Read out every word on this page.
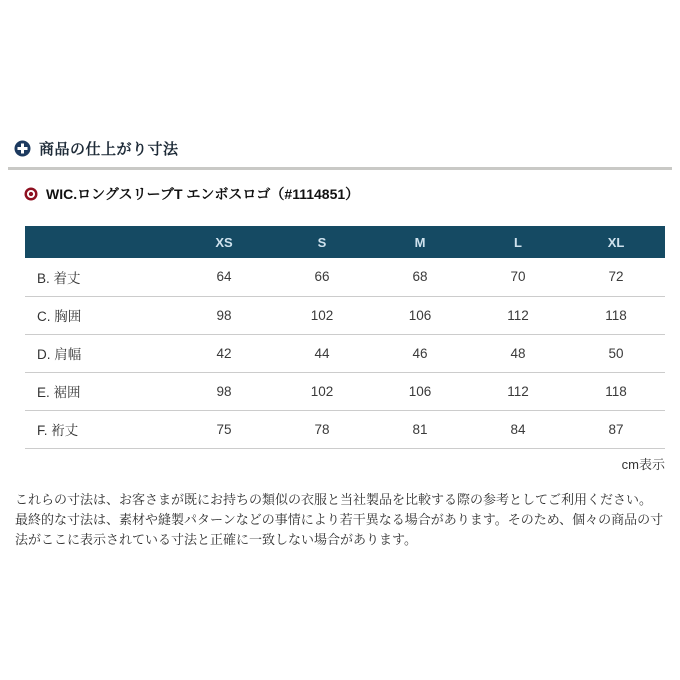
商品の仕上がり寸法
WIC.ロングスリーブT エンボスロゴ（#1114851）
	XS	S	M	L	XL
B. 着丈	64	66	68	70	72
C. 胸囲	98	102	106	112	118
D. 肩幅	42	44	46	48	50
E. 裾囲	98	102	106	112	118
F. 裄丈	75	78	81	84	87
cm表示

これらの寸法は、お客さまが既にお持ちの類似の衣服と当社製品を比較する際の参考としてご利用ください。
最終的な寸法は、素材や縫製パターンなどの事情により若干異なる場合があります。そのため、個々の商品の寸法がここに表示されている寸法と正確に一致しない場合があります。
